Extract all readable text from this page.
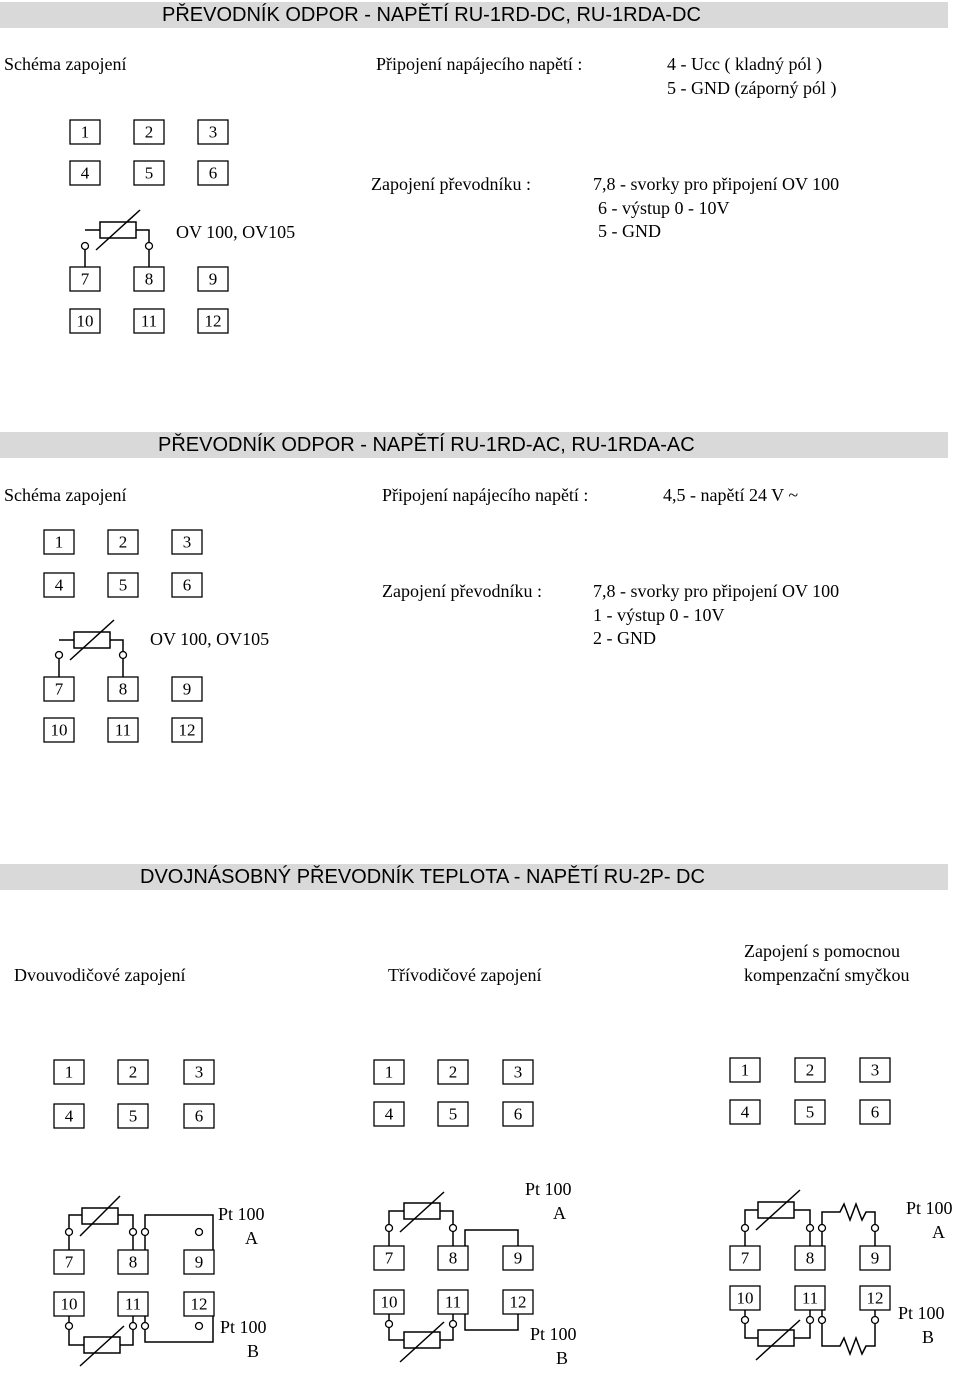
PŘEVODNÍK ODPOR - NAPĚTÍ RU-1RD-DC, RU-1RDA-DC
Schéma zapojení	Připojení napájecího napětí :	4 - Ucc ( kladný pól )
5 - GND (záporný pól )
Zapojení převodníku :	7,8 - svorky pro připojení OV 100
6 - výstup 0 - 10V
5 - GND
OV 100, OV105
1	2	3
4	5	6
7	8	9
10	11	12
PŘEVODNÍK ODPOR - NAPĚTÍ RU-1RD-AC, RU-1RDA-AC
Schéma zapojení	Připojení napájecího napětí :	4,5 - napětí 24 V ~
Zapojení převodníku :	7,8 - svorky pro připojení OV 100
1 - výstup 0 - 10V
2 - GND
OV 100, OV105
1	2	3
4	5	6
7	8	9
10	11	12
DVOJNÁSOBNÝ PŘEVODNÍK TEPLOTA - NAPĚTÍ RU-2P- DC
Dvouvodičové zapojení	Třívodičové zapojení
Zapojení s pomocnou
kompenzační smyčkou
Pt 100
A
Pt 100
B
Pt 100
A
Pt 100
B
Pt 100
A
Pt 100
B
1	2	3
4	5	6
7	8	9
10	11	12
1	2	3
4	5	6
7	8	9
10	11	12
1	2	3
4	5	6
7	8	9
10	11	12
